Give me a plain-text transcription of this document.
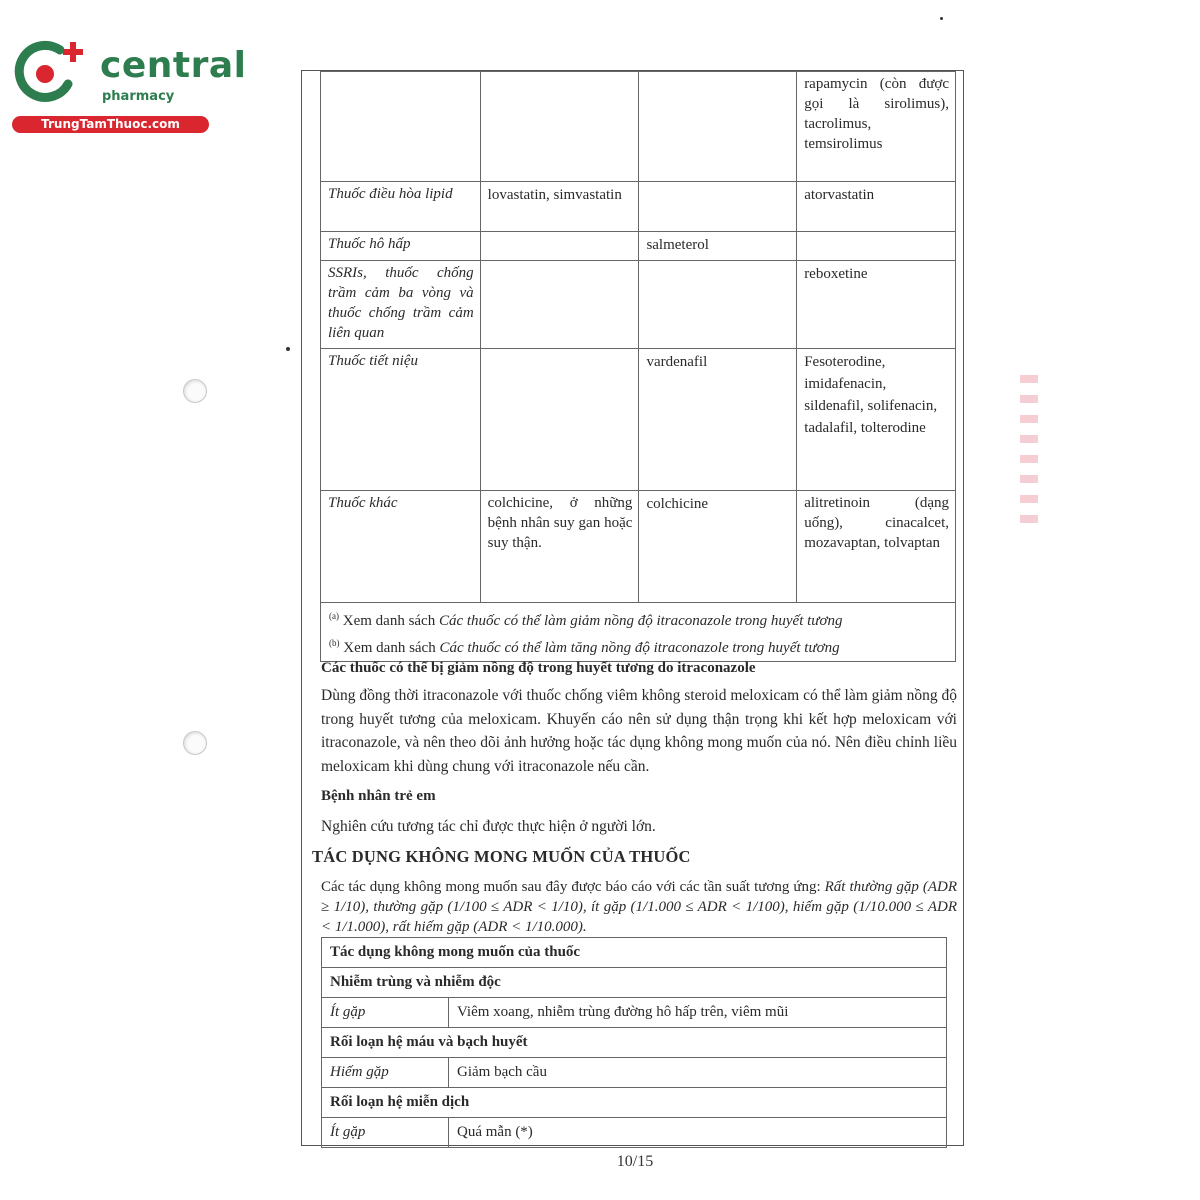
central
pharmacy
TrungTamThuoc.com
			rapamycin (còn được gọi là sirolimus), tacrolimus, temsirolimus
Thuốc điều hòa lipid	lovastatin, simvastatin		atorvastatin
Thuốc hô hấp		salmeterol	
SSRIs, thuốc chống trầm cảm ba vòng và thuốc chống trầm cảm liên quan			reboxetine
Thuốc tiết niệu		vardenafil	Fesoterodine, imidafenacin, sildenafil, solifenacin, tadalafil, tolterodine
Thuốc khác	colchicine, ở những bệnh nhân suy gan hoặc suy thận.	colchicine	alitretinoin (dạng uống), cinacalcet, mozavaptan, tolvaptan

$^{(a)}$ Xem danh sách Các thuốc có thể làm giảm nồng độ itraconazole trong huyết tương
$^{(b)}$ Xem danh sách Các thuốc có thể làm tăng nồng độ itraconazole trong huyết tương			
Các thuốc có thể bị giảm nồng độ trong huyết tương do itraconazole
Dùng đồng thời itraconazole với thuốc chống viêm không steroid meloxicam có thể làm giảm nồng độ trong huyết tương của meloxicam. Khuyến cáo nên sử dụng thận trọng khi kết hợp meloxicam với itraconazole, và nên theo dõi ảnh hưởng hoặc tác dụng không mong muốn của nó. Nên điều chỉnh liều meloxicam khi dùng chung với itraconazole nếu cần.
Bệnh nhân trẻ em
Nghiên cứu tương tác chỉ được thực hiện ở người lớn.
TÁC DỤNG KHÔNG MONG MUỐN CỦA THUỐC
Các tác dụng không mong muốn sau đây được báo cáo với các tần suất tương ứng: Rất thường gặp (ADR ≥ 1/10), thường gặp (1/100 ≤ ADR < 1/10), ít gặp (1/1.000 ≤ ADR < 1/100), hiếm gặp (1/10.000 ≤ ADR < 1/1.000), rất hiếm gặp (ADR < 1/10.000).
Tác dụng không mong muốn của thuốc	
Nhiễm trùng và nhiễm độc	
Ít gặp	Viêm xoang, nhiễm trùng đường hô hấp trên, viêm mũi
Rối loạn hệ máu và bạch huyết	
Hiếm gặp	Giảm bạch cầu
Rối loạn hệ miễn dịch	
Ít gặp	Quá mẫn (*)
10/15
